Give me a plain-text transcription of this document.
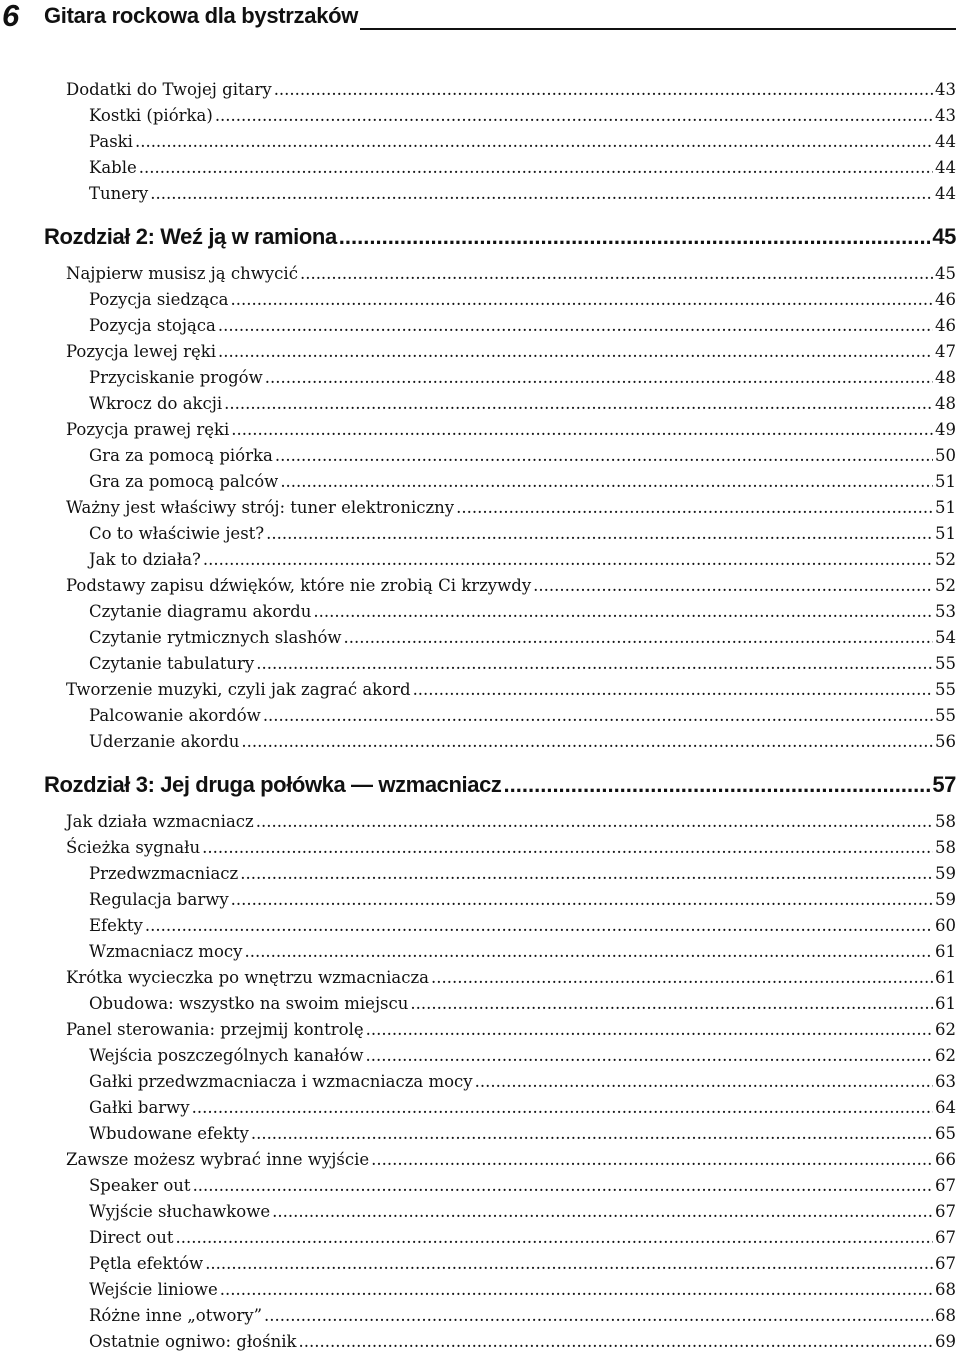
6 Gitara rockowa dla bystrzaków
Dodatki do Twojej gitary .....	43
Kostki (piórka) .....	43
Paski .....	44
Kable .....	44
Tunery .....	44
Rozdział 2: Weź ją w ramiona .....	45
Najpierw musisz ją chwycić .....	45
Pozycja siedząca .....	46
Pozycja stojąca .....	46
Pozycja lewej ręki .....	47
Przyciskanie progów .....	48
Wkrocz do akcji .....	48
Pozycja prawej ręki .....	49
Gra za pomocą piórka .....	50
Gra za pomocą palców .....	51
Ważny jest właściwy strój: tuner elektroniczny .....	51
Co to właściwie jest? .....	51
Jak to działa? .....	52
Podstawy zapisu dźwięków, które nie zrobią Ci krzywdy .....	52
Czytanie diagramu akordu .....	53
Czytanie rytmicznych slashów .....	54
Czytanie tabulatury .....	55
Tworzenie muzyki, czyli jak zagrać akord .....	55
Palcowanie akordów .....	55
Uderzanie akordu .....	56
Rozdział 3: Jej druga połówka — wzmacniacz .....	57
Jak działa wzmacniacz .....	58
Ścieżka sygnału .....	58
Przedwzmacniacz .....	59
Regulacja barwy .....	59
Efekty .....	60
Wzmacniacz mocy .....	61
Krótka wycieczka po wnętrzu wzmacniacza .....	61
Obudowa: wszystko na swoim miejscu .....	61
Panel sterowania: przejmij kontrolę .....	62
Wejścia poszczególnych kanałów .....	62
Gałki przedwzmacniacza i wzmacniacza mocy .....	63
Gałki barwy .....	64
Wbudowane efekty .....	65
Zawsze możesz wybrać inne wyjście .....	66
Speaker out .....	67
Wyjście słuchawkowe .....	67
Direct out .....	67
Pętla efektów .....	67
Wejście liniowe .....	68
Różne inne „otwory” .....	68
Ostatnie ogniwo: głośnik .....	69
